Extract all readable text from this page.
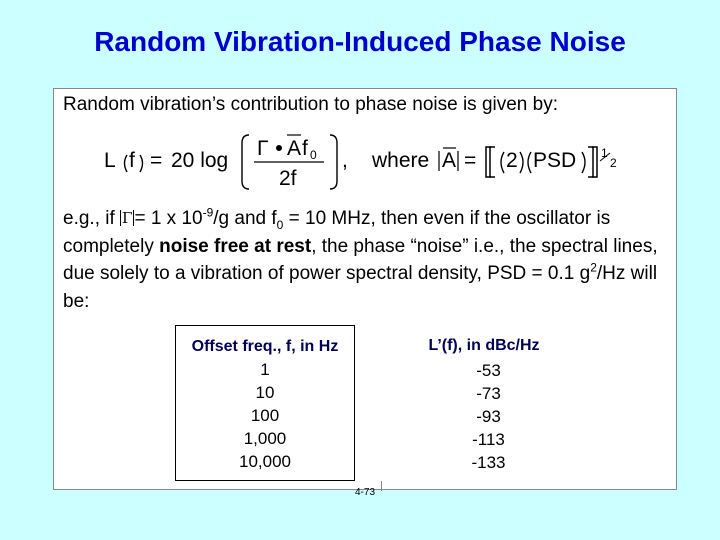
Random Vibration-Induced Phase Noise
Random vibration’s contribution to phase noise is given by:
L f = 20 log
Γ A f 0
2f
, where A = 2 PSD 1
2
e.g., if Γ = 1 x $10^{-9}/g$ and $f_0 = 10$ MHz, then even if the oscillator is completely noise free at rest, the phase “noise” i.e., the spectral lines, due solely to a vibration of power spectral density, PSD = 0.1 $g^2/Hz$ will be:
Offset freq., f, in Hz
1
10
100
1,000
10,000
L’(f), in dBc/Hz
-53
-73
-93
-113
-133
4-73
